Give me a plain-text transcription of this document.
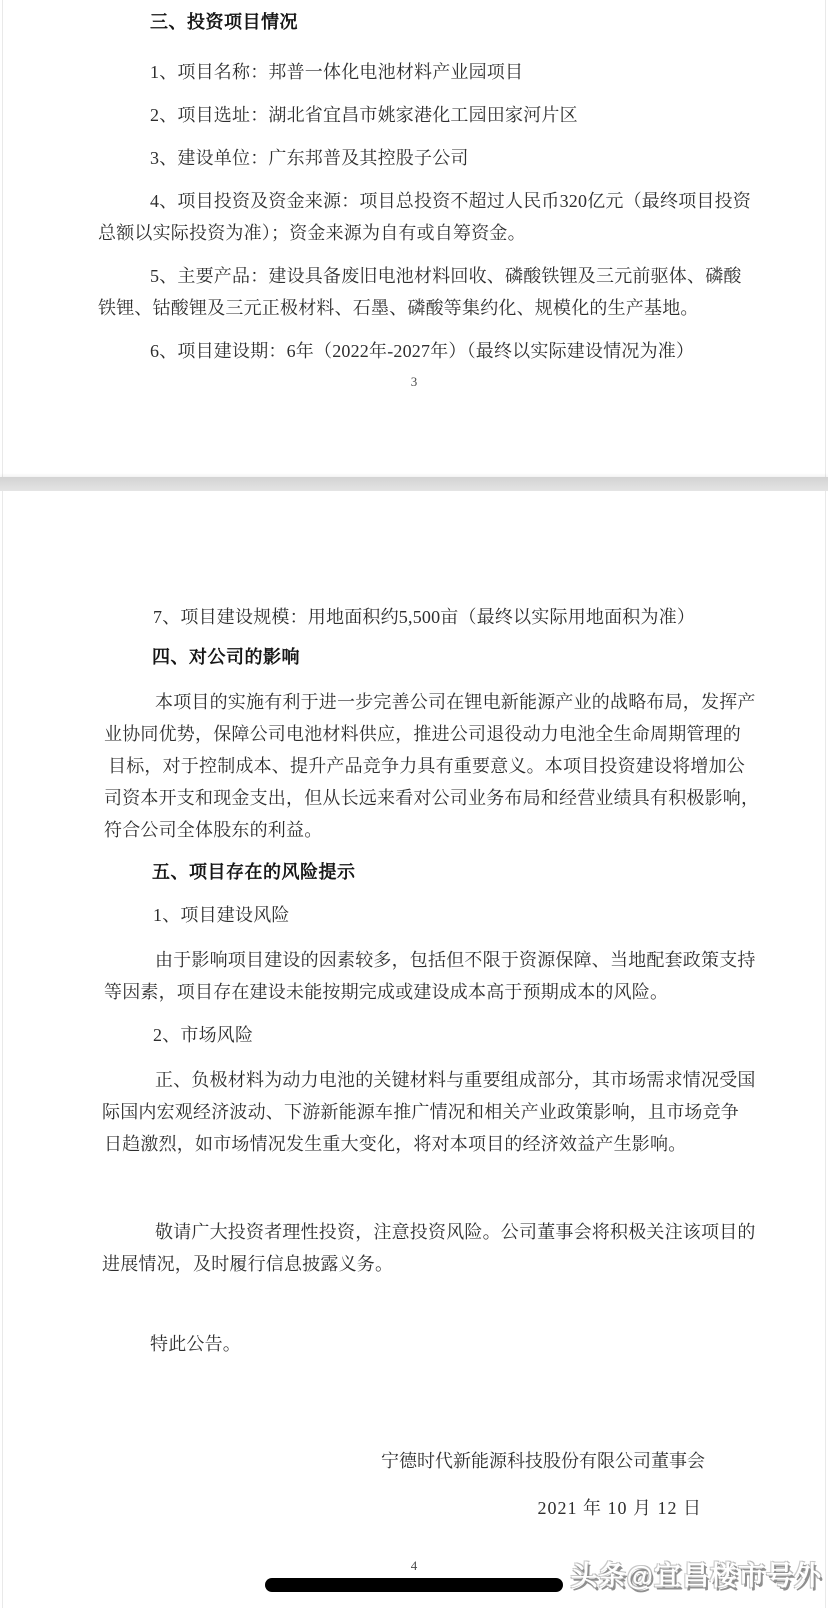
三、投资项目情况
1、项目名称：邦普一体化电池材料产业园项目
2、项目选址：湖北省宜昌市姚家港化工园田家河片区
3、建设单位：广东邦普及其控股子公司
4、项目投资及资金来源：项目总投资不超过人民币320亿元（最终项目投资
总额以实际投资为准）；资金来源为自有或自筹资金。
5、主要产品：建设具备废旧电池材料回收、磷酸铁锂及三元前驱体、磷酸
铁锂、钴酸锂及三元正极材料、石墨、磷酸等集约化、规模化的生产基地。
6、项目建设期：6年（2022年-2027年）（最终以实际建设情况为准）
3
7、项目建设规模：用地面积约5,500亩（最终以实际用地面积为准）
四、对公司的影响
本项目的实施有利于进一步完善公司在锂电新能源产业的战略布局，发挥产
业协同优势，保障公司电池材料供应，推进公司退役动力电池全生命周期管理的
目标，对于控制成本、提升产品竞争力具有重要意义。本项目投资建设将增加公
司资本开支和现金支出，但从长远来看对公司业务布局和经营业绩具有积极影响，
符合公司全体股东的利益。
五、项目存在的风险提示
1、项目建设风险
由于影响项目建设的因素较多，包括但不限于资源保障、当地配套政策支持
等因素，项目存在建设未能按期完成或建设成本高于预期成本的风险。
2、市场风险
正、负极材料为动力电池的关键材料与重要组成部分，其市场需求情况受国
际国内宏观经济波动、下游新能源车推广情况和相关产业政策影响，且市场竞争
日趋激烈，如市场情况发生重大变化，将对本项目的经济效益产生影响。
敬请广大投资者理性投资，注意投资风险。公司董事会将积极关注该项目的
进展情况，及时履行信息披露义务。
特此公告。
宁德时代新能源科技股份有限公司董事会
2021 年 10 月 12 日
4	头条@宜昌楼市号外
